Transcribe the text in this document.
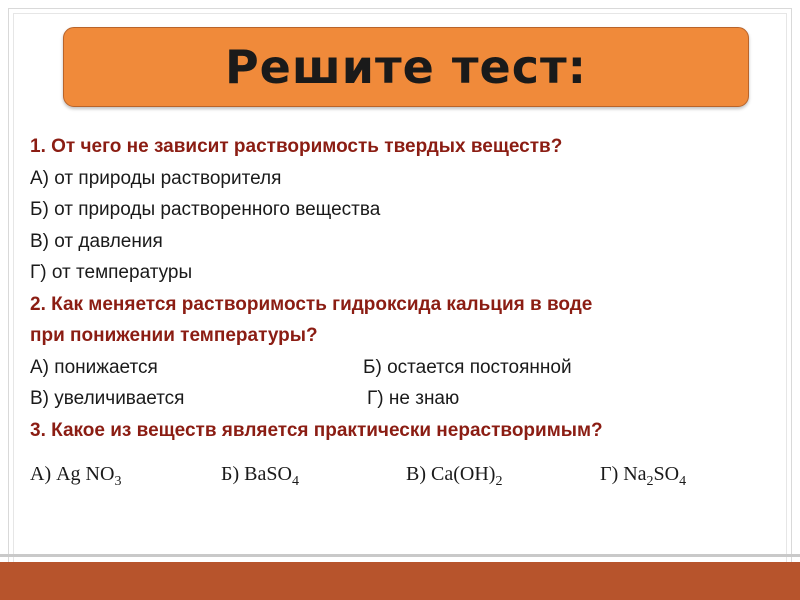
Решите тест:
1. От чего не зависит растворимость твердых веществ?
А) от природы растворителя
Б) от природы растворенного вещества
В) от давления
Г) от температуры
2. Как меняется растворимость гидроксида кальция в воде
при понижении температуры?
А) понижается	Б) остается постоянной
В) увеличивается	Г) не знаю
3. Какое из веществ является практически нерастворимым?
А) Ag $NO_3$	Б) BaSO$_4$	В) $Ca(OH)_2$	Г) $Na_2SO_4$
